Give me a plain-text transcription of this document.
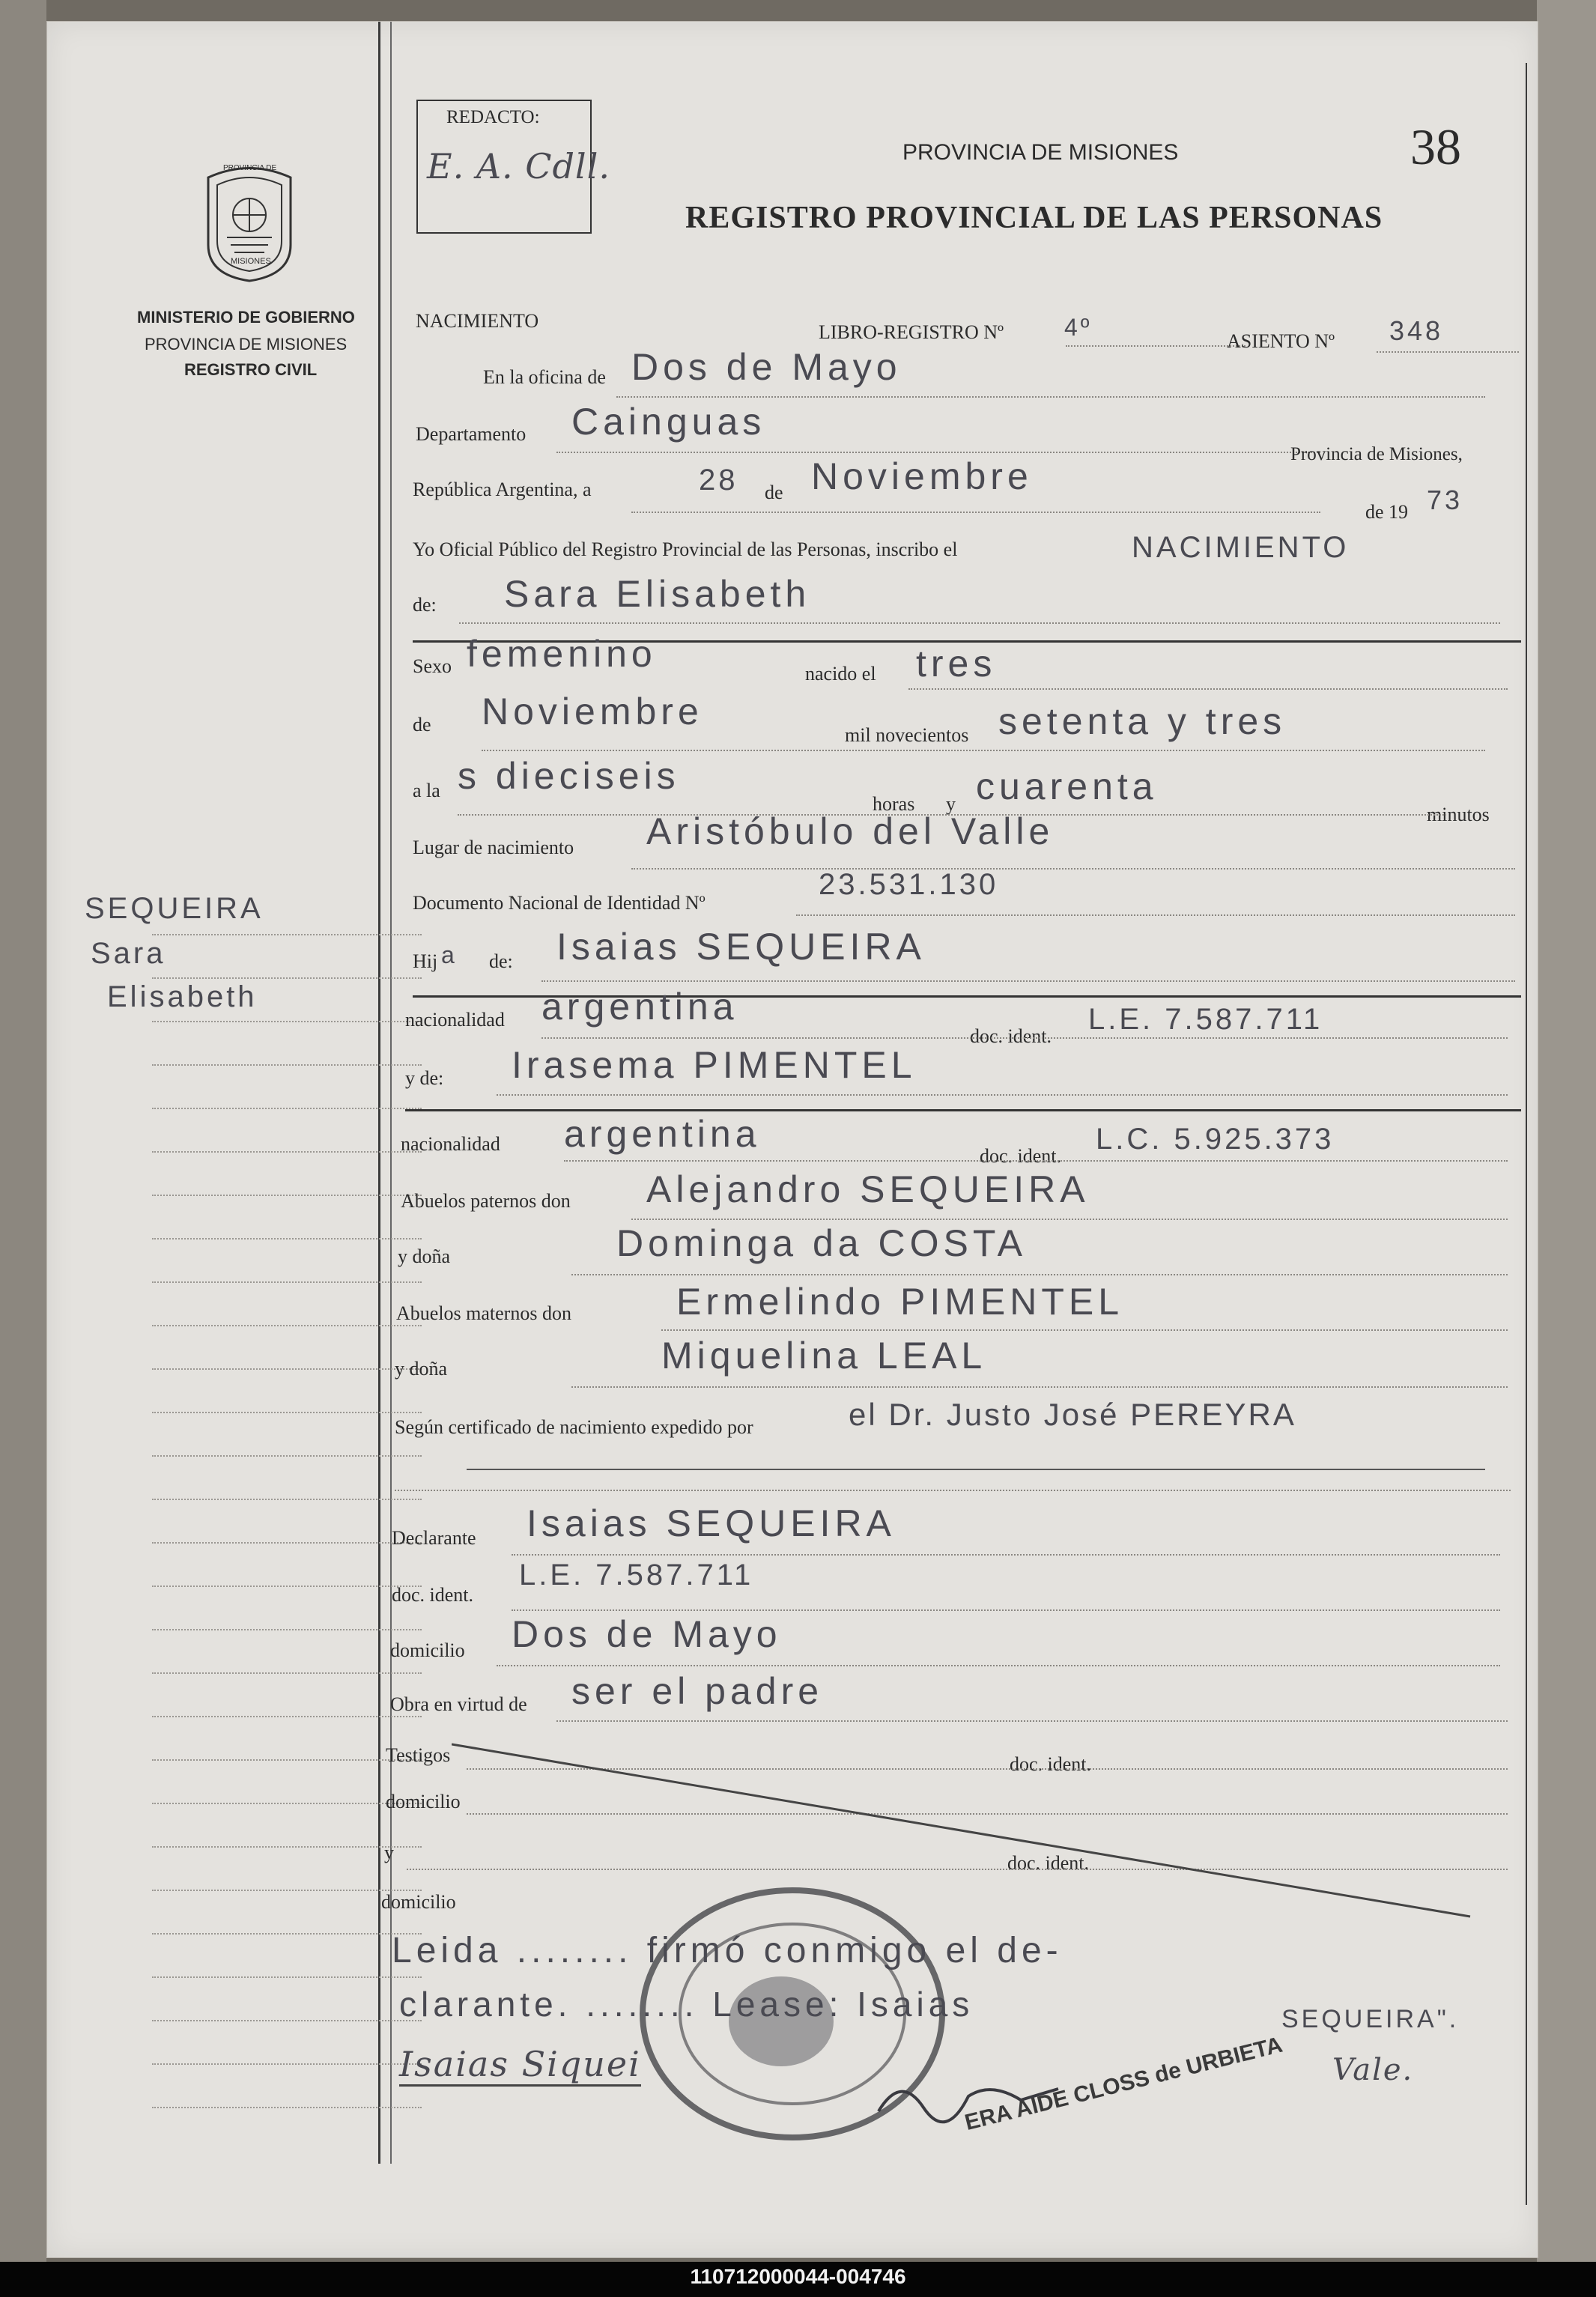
REDACTO:
E. A. Cdll.
PROVINCIA DE
MISIONES
MINISTERIO DE GOBIERNO
PROVINCIA DE MISIONES
REGISTRO CIVIL
PROVINCIA DE MISIONES
REGISTRO PROVINCIAL DE LAS PERSONAS
38
SEQUEIRA
Sara
Elisabeth
NACIMIENTO
LIBRO-REGISTRO Nº	4º
ASIENTO Nº 348
En la oficina de Dos de Mayo
Departamento Cainguas
Provincia de Misiones,
República Argentina, a	28 de Noviembre
de 19 73
Yo Oficial Público del Registro Provincial de las Personas, inscribo el	NACIMIENTO
de: Sara Elisabeth
Sexo femenino	nacido el tres
de Noviembre
mil novecientos setenta y tres
a la s dieciseis
horas y cuarenta
minutos
Lugar de nacimiento Aristóbulo del Valle
Documento Nacional de Identidad Nº
23.531.130
Hij a de: Isaias SEQUEIRA
nacionalidad argentina
doc. ident.
L.E. 7.587.711
y de: Irasema PIMENTEL
nacionalidad argentina
doc. ident.
L.C. 5.925.373
Abuelos paternos don Alejandro SEQUEIRA
y doña	Dominga da COSTA
Abuelos maternos don	Ermelindo PIMENTEL
y doña	Miquelina LEAL
Según certificado de nacimiento expedido por	el Dr. Justo José PEREYRA
Declarante Isaias SEQUEIRA
doc. ident.
L.E. 7.587.711
domicilio Dos de Mayo
Obra en virtud de ser el padre
Testigos	doc. ident.
domicilio
y	doc. ident.
domicilio
Leida ........ firmó conmigo el de-
clarante. ........ Lease: Isaias	SEQUEIRA".
Vale.
Isaias Siquei	ERA AIDE CLOSS de URBIETA
110712000044-004746
